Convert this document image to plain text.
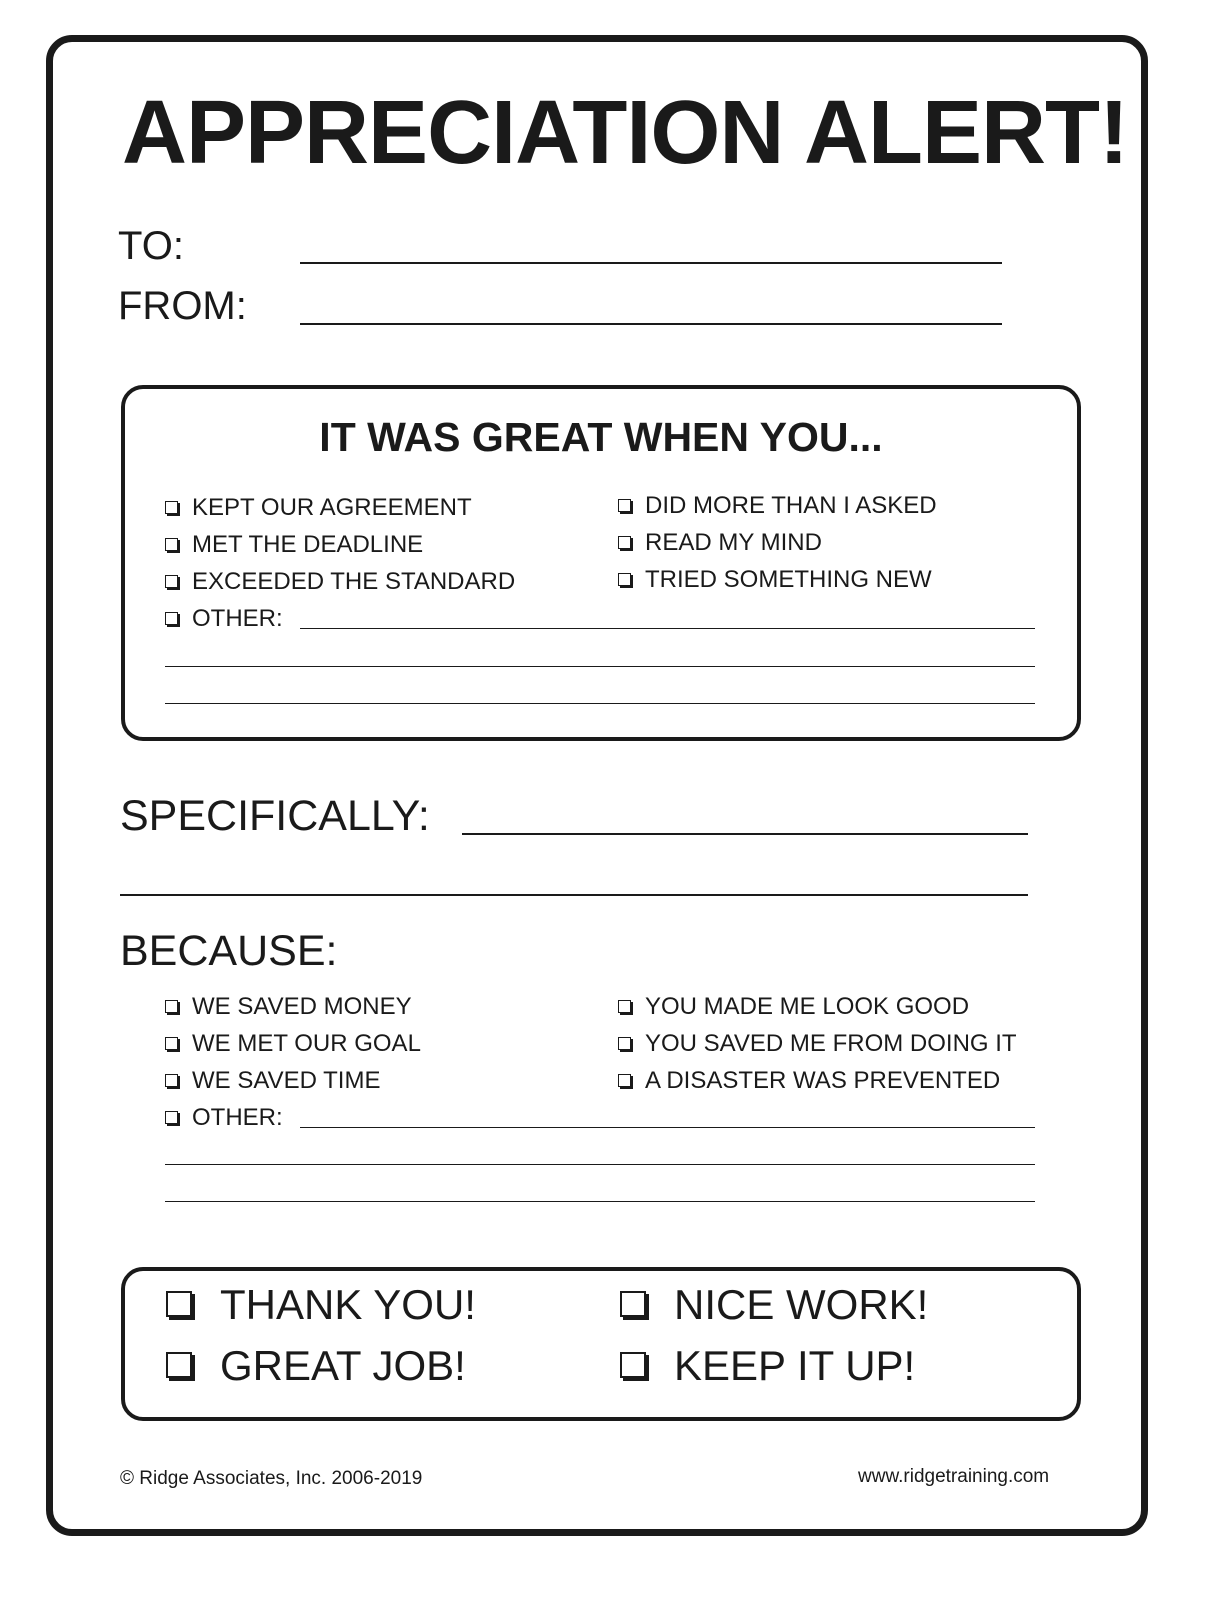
APPRECIATION ALERT!
TO:
FROM:
IT WAS GREAT WHEN YOU...
KEPT OUR AGREEMENT
MET THE DEADLINE
EXCEEDED THE STANDARD
DID MORE THAN I ASKED
READ MY MIND
TRIED SOMETHING NEW
OTHER:
SPECIFICALLY:
BECAUSE:
WE SAVED MONEY
WE MET OUR GOAL
WE SAVED TIME
YOU MADE ME LOOK GOOD
YOU SAVED ME FROM DOING IT
A DISASTER WAS PREVENTED
OTHER:
THANK YOU!	NICE WORK!
GREAT JOB!	KEEP IT UP!
© Ridge Associates, Inc. 2006-2019	www.ridgetraining.com
